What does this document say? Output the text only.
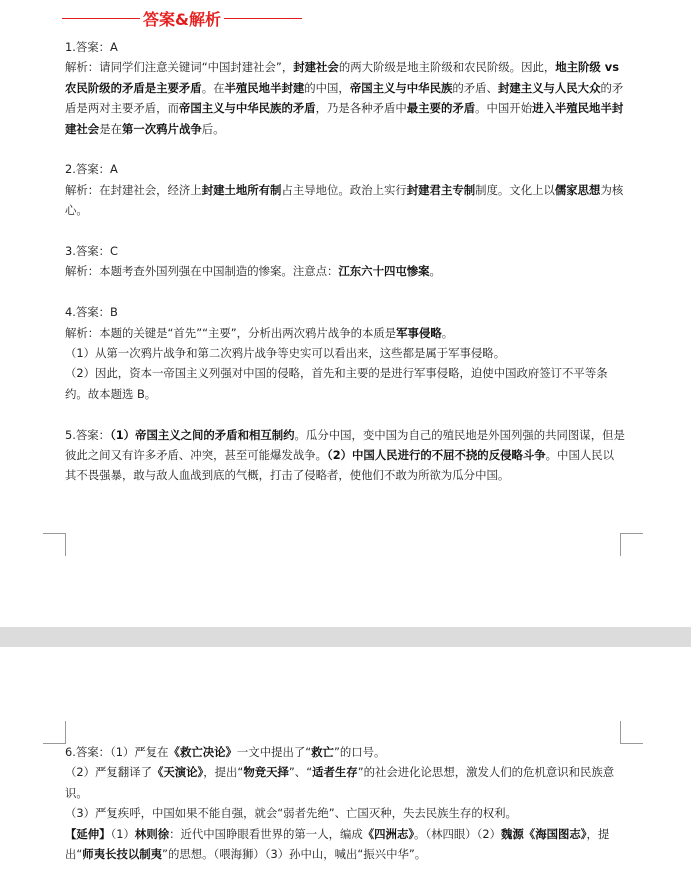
答案&解析

1.答案：A

解析：请同学们注意关键词“中国封建社会”，封建社会的两大阶级是地主阶级和农民阶级。因此，地主阶级 vs 农民阶级的矛盾是主要矛盾。在半殖民地半封建的中国，帝国主义与中华民族的矛盾、封建主义与人民大众的矛盾是两对主要矛盾，而帝国主义与中华民族的矛盾，乃是各种矛盾中最主要的矛盾。中国开始进入半殖民地半封建社会是在第一次鸦片战争后。

2.答案：A

解析：在封建社会，经济上封建土地所有制占主导地位。政治上实行封建君主专制制度。文化上以儒家思想为核心。

3.答案：C

解析：本题考查外国列强在中国制造的惨案。注意点：江东六十四屯惨案。

4.答案：B

解析：本题的关键是“首先”“主要”，分析出两次鸦片战争的本质是军事侵略。

（1）从第一次鸦片战争和第二次鸦片战争等史实可以看出来，这些都是属于军事侵略。

（2）因此，资本一帝国主义列强对中国的侵略，首先和主要的是进行军事侵略，迫使中国政府签订不平等条约。故本题选 B。

5.答案：（1）帝国主义之间的矛盾和相互制约。瓜分中国，变中国为自己的殖民地是外国列强的共同图谋，但是彼此之间又有许多矛盾、冲突，甚至可能爆发战争。（2）中国人民进行的不屈不挠的反侵略斗争。中国人民以其不畏强暴，敢与敌人血战到底的气概，打击了侵略者，使他们不敢为所欲为瓜分中国。

6.答案：（1）严复在《救亡决论》一文中提出了“救亡”的口号。

（2）严复翻译了《天演论》，提出“物竞天择”、“适者生存”的社会进化论思想，激发人们的危机意识和民族意识。

（3）严复疾呼，中国如果不能自强，就会“弱者先绝”、亡国灭种，失去民族生存的权利。

【延伸】（1）林则徐：近代中国睁眼看世界的第一人，编成《四洲志》。（林四眼）（2）魏源《海国图志》，提出“师夷长技以制夷”的思想。（喂海狮）（3）孙中山，喊出“振兴中华”。
